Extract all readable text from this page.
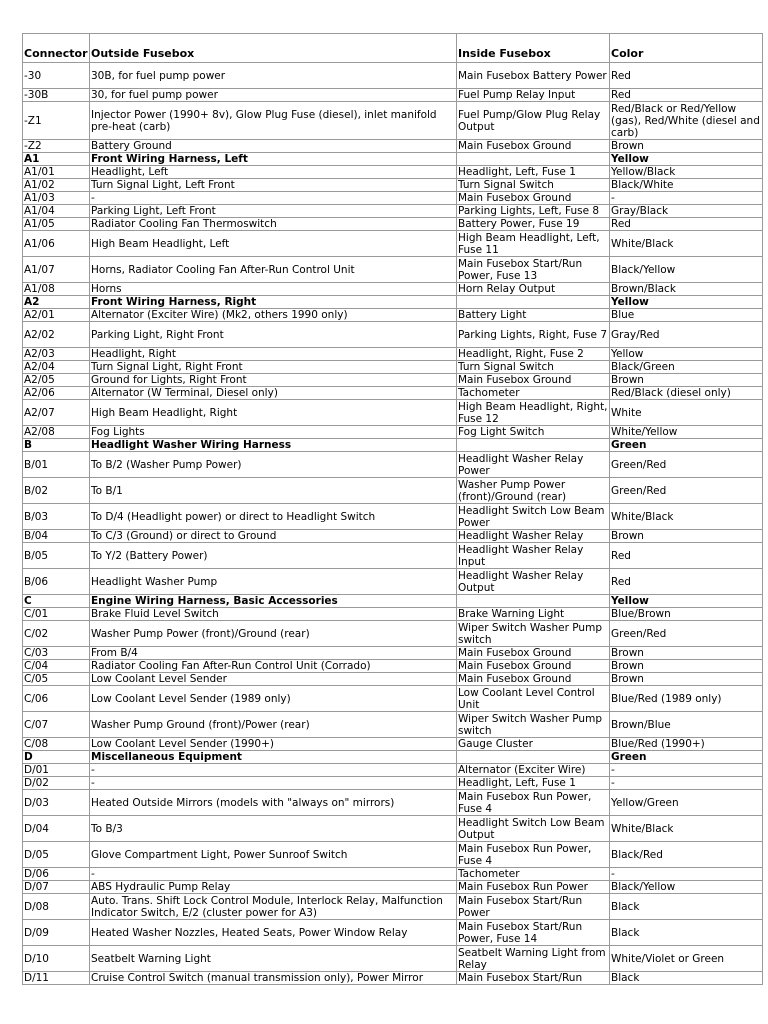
Connector	Outside Fusebox	Inside Fusebox	Color
-30	30B, for fuel pump power	Main Fusebox Battery Power	Red
-30B	30, for fuel pump power	Fuel Pump Relay Input	Red
-Z1	Injector Power (1990+ 8v), Glow Plug Fuse (diesel), inlet manifold pre-heat (carb)	Fuel Pump/Glow Plug Relay Output	Red/Black or Red/Yellow (gas), Red/White (diesel and carb)
-Z2	Battery Ground	Main Fusebox Ground	Brown
A1	Front Wiring Harness, Left		Yellow
A1/01	Headlight, Left	Headlight, Left, Fuse 1	Yellow/Black
A1/02	Turn Signal Light, Left Front	Turn Signal Switch	Black/White
A1/03	-	Main Fusebox Ground	-
A1/04	Parking Light, Left Front	Parking Lights, Left, Fuse 8	Gray/Black
A1/05	Radiator Cooling Fan Thermoswitch	Battery Power, Fuse 19	Red
A1/06	High Beam Headlight, Left	High Beam Headlight, Left, Fuse 11	White/Black
A1/07	Horns, Radiator Cooling Fan After-Run Control Unit	Main Fusebox Start/Run Power, Fuse 13	Black/Yellow
A1/08	Horns	Horn Relay Output	Brown/Black
A2	Front Wiring Harness, Right		Yellow
A2/01	Alternator (Exciter Wire) (Mk2, others 1990 only)	Battery Light	Blue
A2/02	Parking Light, Right Front	Parking Lights, Right, Fuse 7	Gray/Red
A2/03	Headlight, Right	Headlight, Right, Fuse 2	Yellow
A2/04	Turn Signal Light, Right Front	Turn Signal Switch	Black/Green
A2/05	Ground for Lights, Right Front	Main Fusebox Ground	Brown
A2/06	Alternator (W Terminal, Diesel only)	Tachometer	Red/Black (diesel only)
A2/07	High Beam Headlight, Right	High Beam Headlight, Right, Fuse 12	White
A2/08	Fog Lights	Fog Light Switch	White/Yellow
B	Headlight Washer Wiring Harness		Green
B/01	To B/2 (Washer Pump Power)	Headlight Washer Relay Power	Green/Red
B/02	To B/1	Washer Pump Power (front)/Ground (rear)	Green/Red
B/03	To D/4 (Headlight power) or direct to Headlight Switch	Headlight Switch Low Beam Power	White/Black
B/04	To C/3 (Ground) or direct to Ground	Headlight Washer Relay	Brown
B/05	To Y/2 (Battery Power)	Headlight Washer Relay Input	Red
B/06	Headlight Washer Pump	Headlight Washer Relay Output	Red
C	Engine Wiring Harness, Basic Accessories		Yellow
C/01	Brake Fluid Level Switch	Brake Warning Light	Blue/Brown
C/02	Washer Pump Power (front)/Ground (rear)	Wiper Switch Washer Pump switch	Green/Red
C/03	From B/4	Main Fusebox Ground	Brown
C/04	Radiator Cooling Fan After-Run Control Unit (Corrado)	Main Fusebox Ground	Brown
C/05	Low Coolant Level Sender	Main Fusebox Ground	Brown
C/06	Low Coolant Level Sender (1989 only)	Low Coolant Level Control Unit	Blue/Red (1989 only)
C/07	Washer Pump Ground (front)/Power (rear)	Wiper Switch Washer Pump switch	Brown/Blue
C/08	Low Coolant Level Sender (1990+)	Gauge Cluster	Blue/Red (1990+)
D	Miscellaneous Equipment		Green
D/01	-	Alternator (Exciter Wire)	-
D/02	-	Headlight, Left, Fuse 1	-
D/03	Heated Outside Mirrors (models with "always on" mirrors)	Main Fusebox Run Power, Fuse 4	Yellow/Green
D/04	To B/3	Headlight Switch Low Beam Output	White/Black
D/05	Glove Compartment Light, Power Sunroof Switch	Main Fusebox Run Power, Fuse 4	Black/Red
D/06	-	Tachometer	-
D/07	ABS Hydraulic Pump Relay	Main Fusebox Run Power	Black/Yellow
D/08	Auto. Trans. Shift Lock Control Module, Interlock Relay, Malfunction Indicator Switch, E/2 (cluster power for A3)	Main Fusebox Start/Run Power	Black
D/09	Heated Washer Nozzles, Heated Seats, Power Window Relay	Main Fusebox Start/Run Power, Fuse 14	Black
D/10	Seatbelt Warning Light	Seatbelt Warning Light from Relay	White/Violet or Green
D/11	Cruise Control Switch (manual transmission only), Power Mirror	Main Fusebox Start/Run	Black
